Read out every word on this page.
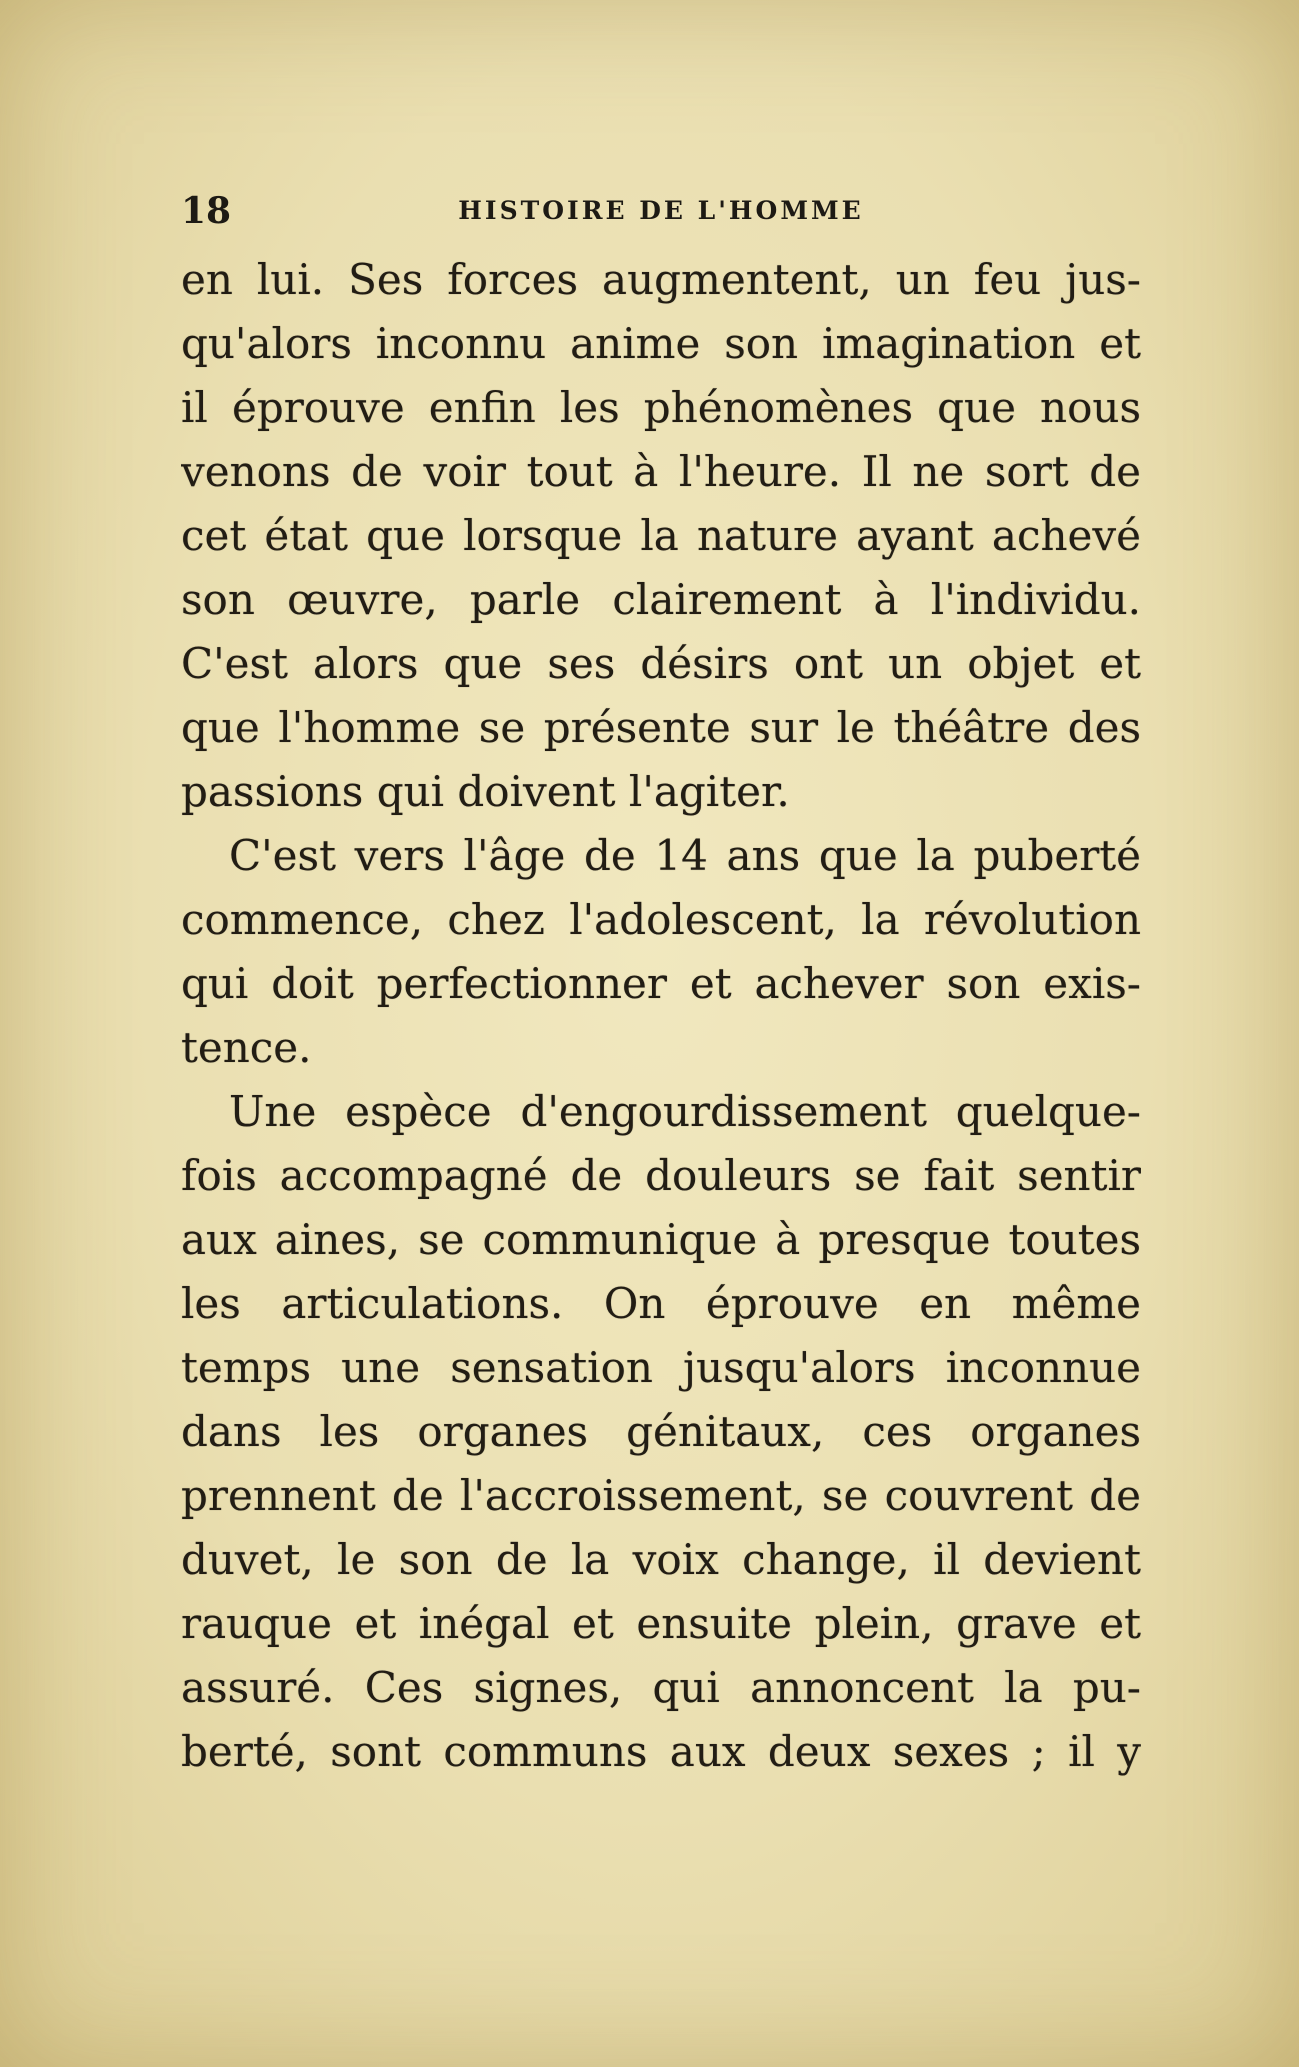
18	HISTOIRE DE L'HOMME
en lui. Ses forces augmentent, un feu jus-
qu'alors inconnu anime son imagination et
il éprouve enfin les phénomènes que nous
venons de voir tout à l'heure. Il ne sort de
cet état que lorsque la nature ayant achevé
son œuvre, parle clairement à l'individu.
C'est alors que ses désirs ont un objet et
que l'homme se présente sur le théâtre des
passions qui doivent l'agiter.
C'est vers l'âge de 14 ans que la puberté
commence, chez l'adolescent, la révolution
qui doit perfectionner et achever son exis-
tence.
Une espèce d'engourdissement quelque-
fois accompagné de douleurs se fait sentir
aux aines, se communique à presque toutes
les articulations. On éprouve en même
temps une sensation jusqu'alors inconnue
dans les organes génitaux, ces organes
prennent de l'accroissement, se couvrent de
duvet, le son de la voix change, il devient
rauque et inégal et ensuite plein, grave et
assuré. Ces signes, qui annoncent la pu-
berté, sont communs aux deux sexes ; il y
